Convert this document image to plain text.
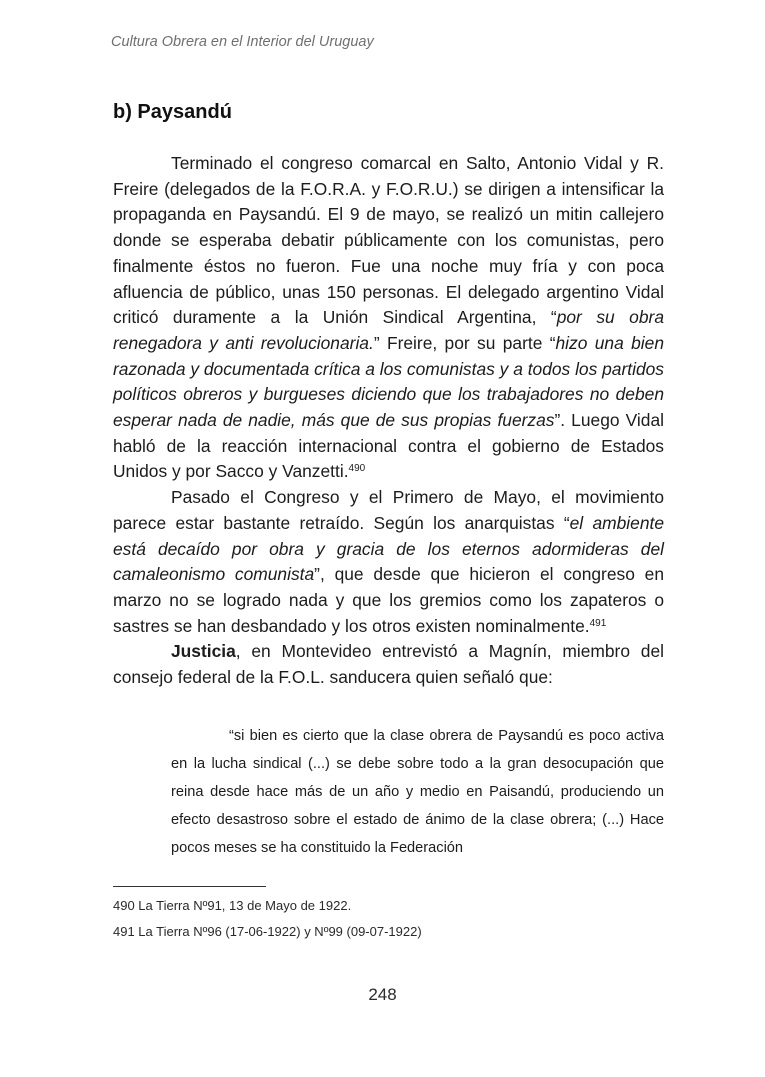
Cultura Obrera en el Interior del Uruguay
b) Paysandú

Terminado el congreso comarcal en Salto, Antonio Vidal y R. Freire (delegados de la F.O.R.A. y F.O.R.U.) se dirigen a intensificar la propaganda en Paysandú. El 9 de mayo, se realizó un mitin callejero donde se esperaba debatir públicamente con los comunistas, pero finalmente éstos no fueron. Fue una noche muy fría y con poca afluencia de público, unas 150 personas. El delegado argentino Vidal criticó duramente a la Unión Sindical Argentina, “por su obra renegadora y anti revolucionaria.” Freire, por su parte “hizo una bien razonada y documentada crítica a los comunistas y a todos los partidos políticos obreros y burgueses diciendo que los trabajadores no deben esperar nada de nadie, más que de sus propias fuerzas”. Luego Vidal habló de la reacción internacional contra el gobierno de Estados Unidos y por Sacco y Vanzetti.$^{490}$

Pasado el Congreso y el Primero de Mayo, el movimiento parece estar bastante retraído. Según los anarquistas “el ambiente está decaído por obra y gracia de los eternos adormideras del camaleonismo comunista”, que desde que hicieron el congreso en marzo no se logrado nada y que los gremios como los zapateros o sastres se han desbandado y los otros existen nominalmente.$^{491}$

Justicia, en Montevideo entrevistó a Magnín, miembro del consejo federal de la F.O.L. sanducera quien señaló que:

“si bien es cierto que la clase obrera de Paysandú es poco activa en la lucha sindical (...) se debe sobre todo a la gran desocupación que reina desde hace más de un año y medio en Paisandú, produciendo un efecto desastroso sobre el estado de ánimo de la clase obrera; (...) Hace pocos meses se ha constituido la Federación

490 La Tierra Nº91, 13 de Mayo de 1922.
491 La Tierra Nº96 (17-06-1922) y Nº99 (09-07-1922)
248
